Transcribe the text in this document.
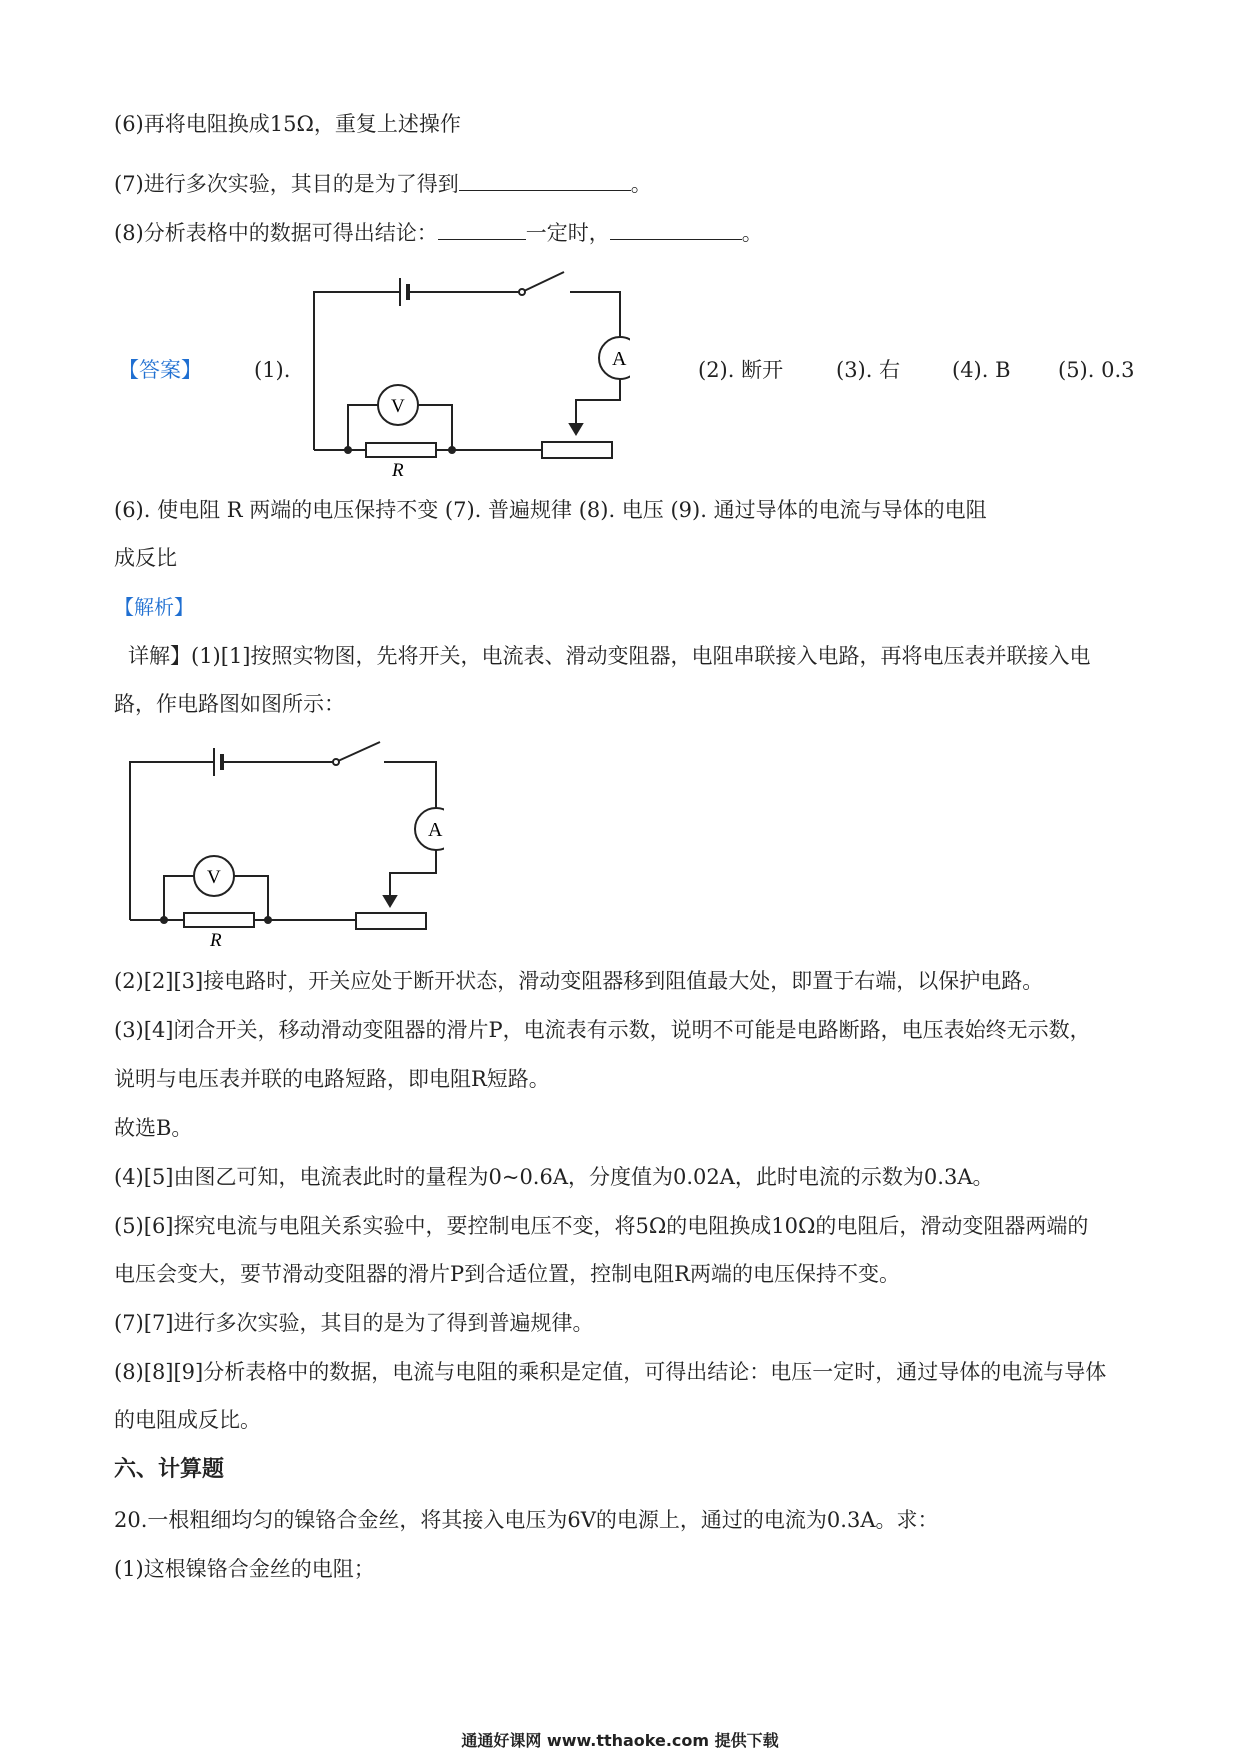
(6)再将电阻换成15Ω，重复上述操作
(7)进行多次实验，其目的是为了得到	。
(8)分析表格中的数据可得出结论：	一定时，	。
【答案】 (1).	(2). 断开	(3). 右 (4). B (5). 0.3
A
V
R
(6). 使电阻 R 两端的电压保持不变 (7). 普遍规律 (8). 电压 (9). 通过导体的电流与导体的电阻
成反比
【解析】
详解】(1)[1]按照实物图，先将开关，电流表、滑动变阻器，电阻串联接入电路，再将电压表并联接入电
路，作电路图如图所示：
A
V
R
(2)[2][3]接电路时，开关应处于断开状态，滑动变阻器移到阻值最大处，即置于右端，以保护电路。
(3)[4]闭合开关，移动滑动变阻器的滑片P，电流表有示数，说明不可能是电路断路，电压表始终无示数，
说明与电压表并联的电路短路，即电阻R短路。
故选B。
(4)[5]由图乙可知，电流表此时的量程为0~0.6A，分度值为0.02A，此时电流的示数为0.3A。
(5)[6]探究电流与电阻关系实验中，要控制电压不变，将5Ω的电阻换成10Ω的电阻后，滑动变阻器两端的
电压会变大，要节滑动变阻器的滑片P到合适位置，控制电阻R两端的电压保持不变。
(7)[7]进行多次实验，其目的是为了得到普遍规律。
(8)[8][9]分析表格中的数据，电流与电阻的乘积是定值，可得出结论：电压一定时，通过导体的电流与导体
的电阻成反比。
六、计算题
20.一根粗细均匀的镍铬合金丝，将其接入电压为6V的电源上，通过的电流为0.3A。求：
(1)这根镍铬合金丝的电阻；
通通好课网 www.tthaoke.com 提供下载
